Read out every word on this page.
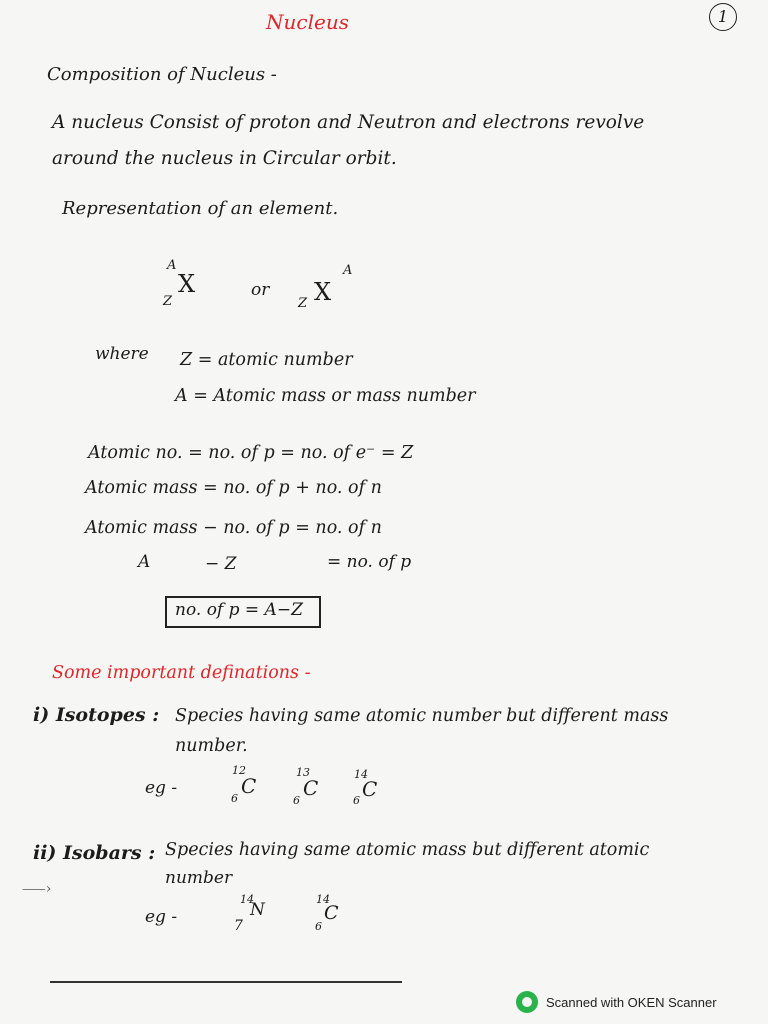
Nucleus	1
Composition of Nucleus -
A nucleus Consist of proton and Neutron and electrons revolve
around the nucleus in Circular orbit.
Representation of an element.
A
Z
X	or
Z X
A
where Z = atomic number
A = Atomic mass or mass number
Atomic no. = no. of p = no. of e⁻ = Z
Atomic mass = no. of p + no. of n
Atomic mass − no. of p = no. of n
A	− Z	= no. of p
no. of p = A−Z
Some important definations -
i) Isotopes : Species having same atomic number but different mass
number.
eg -
12
C
6
13
C
6
14
C
6
⸺›
ii) Isobars : Species having same atomic mass but different atomic
number
eg -
14
N
7
14
C
6
Scanned with OKEN Scanner
